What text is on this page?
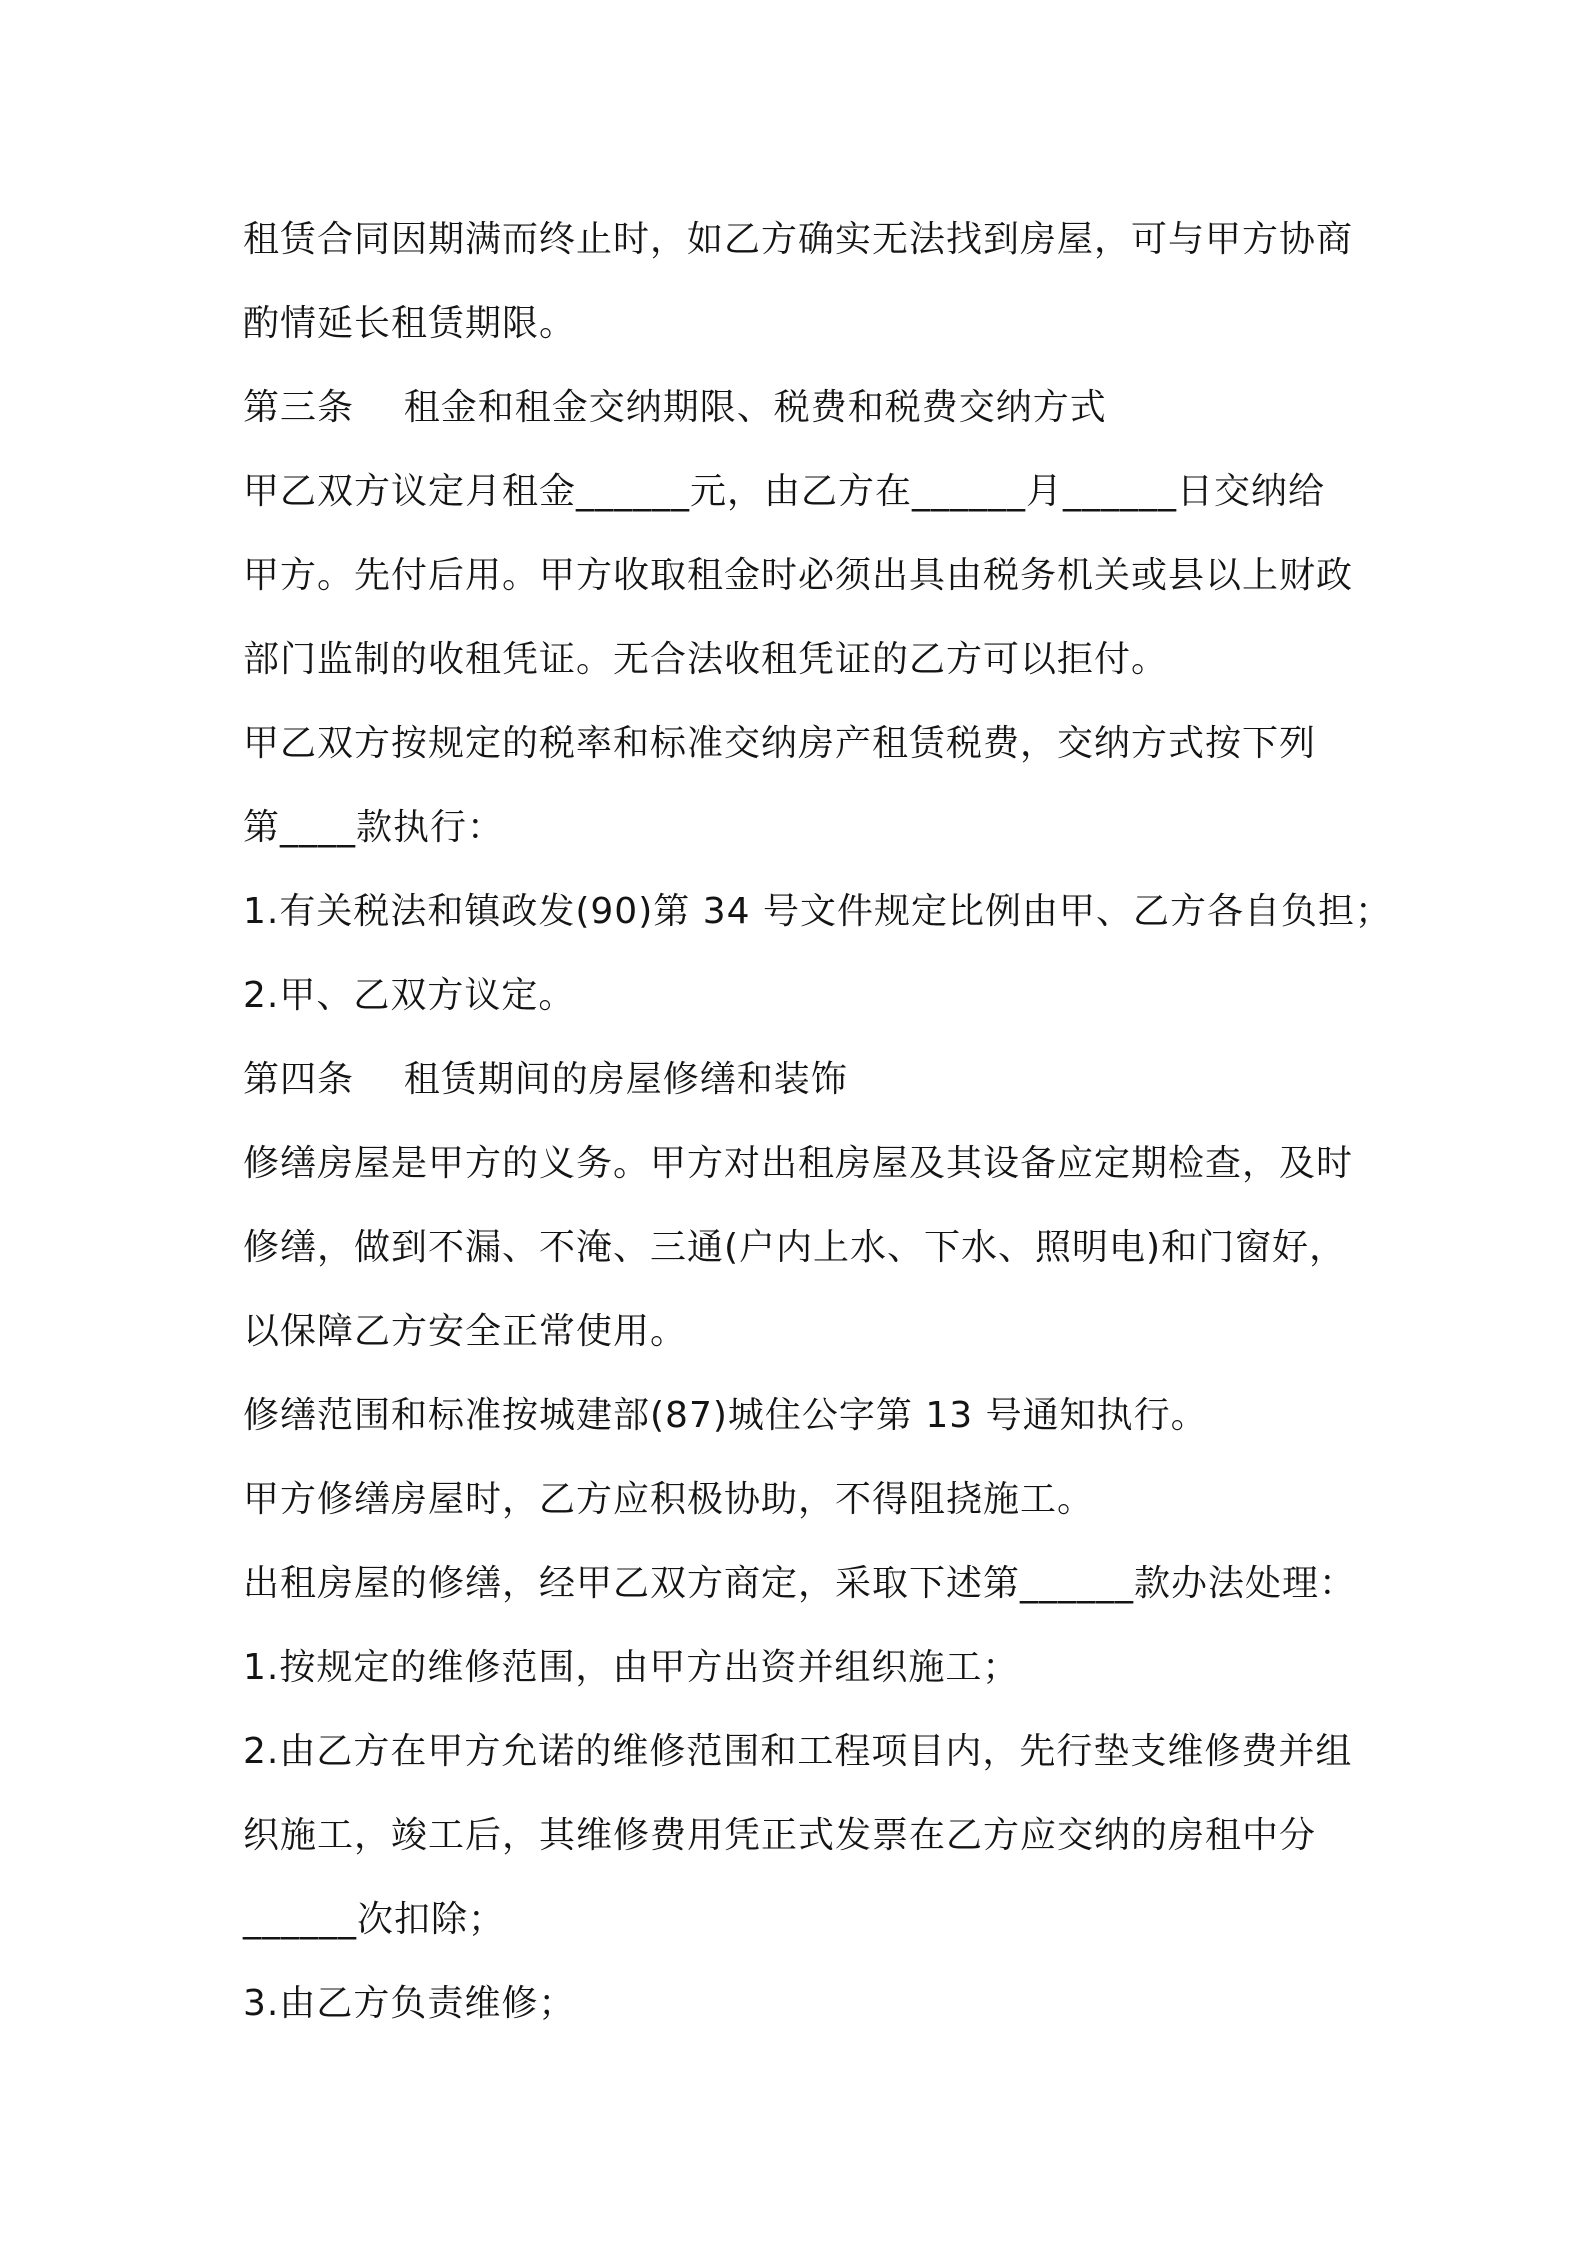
租赁合同因期满而终止时，如乙方确实无法找到房屋，可与甲方协商
酌情延长租赁期限。
第三条    租金和租金交纳期限、税费和税费交纳方式
甲乙双方议定月租金______元，由乙方在______月______日交纳给
甲方。先付后用。甲方收取租金时必须出具由税务机关或县以上财政
部门监制的收租凭证。无合法收租凭证的乙方可以拒付。
甲乙双方按规定的税率和标准交纳房产租赁税费，交纳方式按下列
第____款执行：
1.有关税法和镇政发(90)第 34 号文件规定比例由甲、乙方各自负担；
2.甲、乙双方议定。
第四条    租赁期间的房屋修缮和装饰
修缮房屋是甲方的义务。甲方对出租房屋及其设备应定期检查，及时
修缮，做到不漏、不淹、三通(户内上水、下水、照明电)和门窗好，
以保障乙方安全正常使用。
修缮范围和标准按城建部(87)城住公字第 13 号通知执行。
甲方修缮房屋时，乙方应积极协助，不得阻挠施工。
出租房屋的修缮，经甲乙双方商定，采取下述第______款办法处理：
1.按规定的维修范围，由甲方出资并组织施工；
2.由乙方在甲方允诺的维修范围和工程项目内，先行垫支维修费并组
织施工，竣工后，其维修费用凭正式发票在乙方应交纳的房租中分
______次扣除；
3.由乙方负责维修；
